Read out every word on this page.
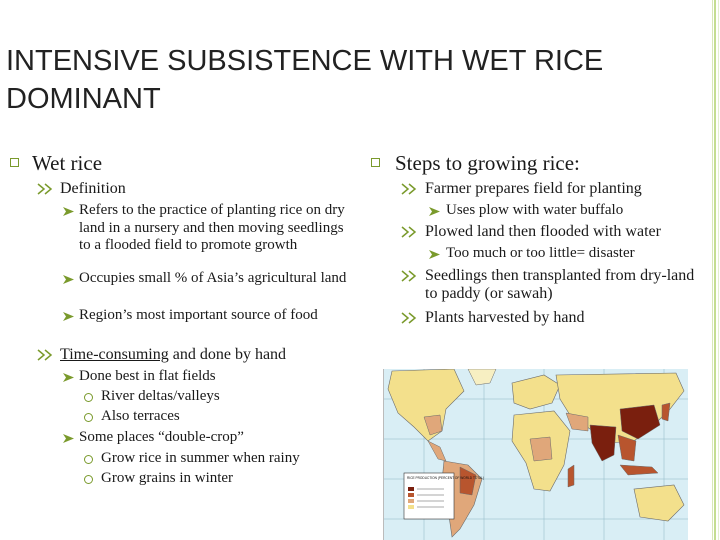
INTENSIVE SUBSISTENCE WITH WET RICE DOMINANT
Wet rice
Definition
Refers to the practice of planting rice on dry land in a nursery and then moving seedlings to a flooded field to promote growth
Occupies small % of Asia’s agricultural land
Region’s most important source of food
Time-consuming and done by hand
Done best in flat fields
River deltas/valleys
Also terraces
Some places “double-crop”
Grow rice in summer when rainy
Grow grains in winter
Steps to growing rice:
Farmer prepares field for planting
Uses plow with water buffalo
Plowed land then flooded with water
Too much or too little= disaster
Seedlings then transplanted from dry-land to paddy (or sawah)
Plants harvested by hand
RICE PRODUCTION (PERCENT OF WORLD TOTAL)
